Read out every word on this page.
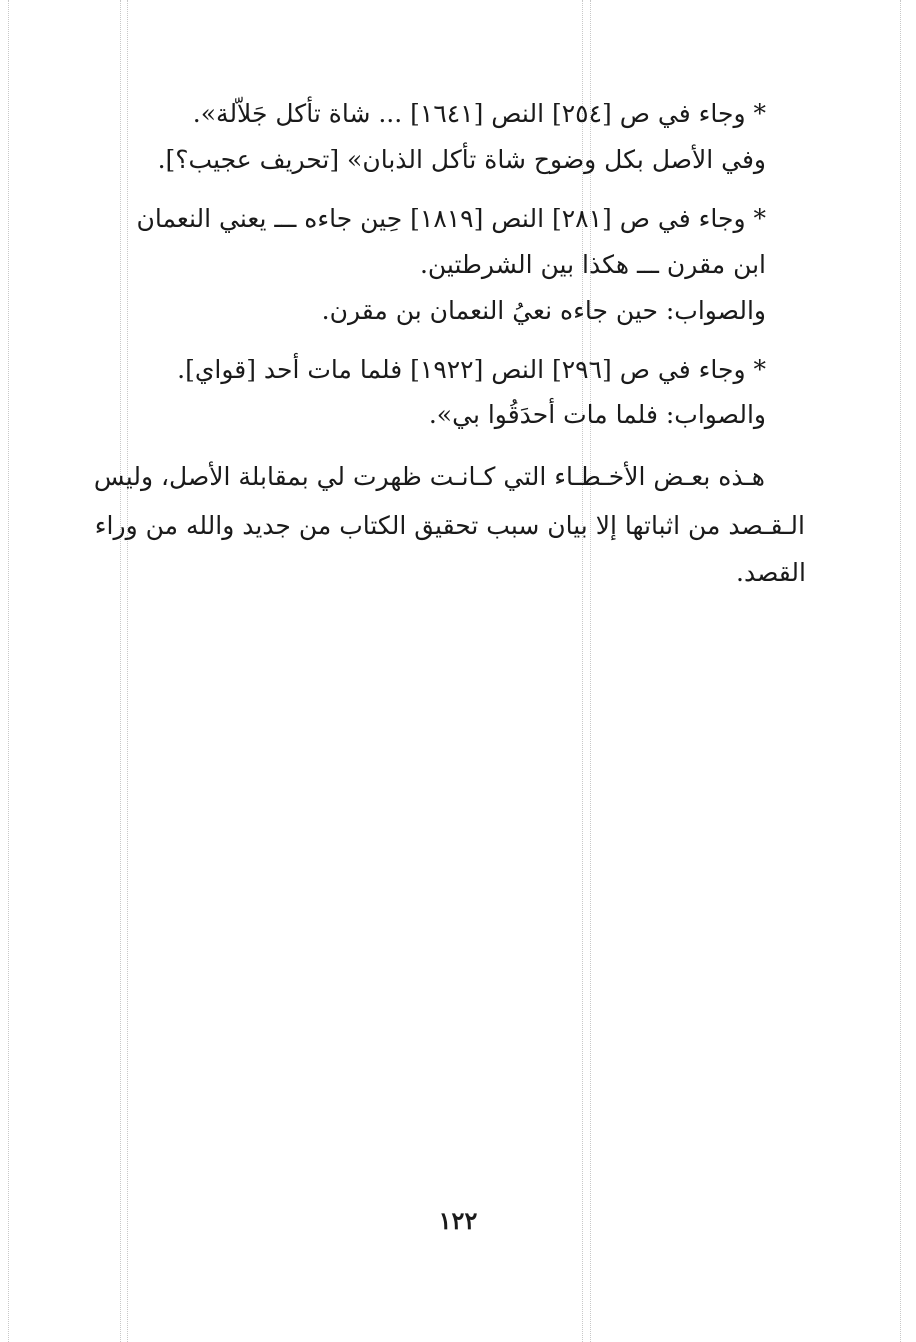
* وجاء في ص [٢٥٤] النص [١٦٤١] ... شاة تأكل جَلاّلة».
وفي الأصل بكل وضوح شاة تأكل الذبان» [تحريف عجيب؟].
* وجاء في ص [٢٨١] النص [١٨١٩] حِين جاءه ـــ يعني النعمان
ابن مقرن ـــ هكذا بين الشرطتين.
والصواب: حين جاءه نعيُ النعمان بن مقرن.
* وجاء في ص [٢٩٦] النص [١٩٢٢] فلما مات أحد [قواي].
والصواب: فلما مات أحدَقُوا بي».
هـذه بعـض الأخـطـاء التي كـانـت ظهرت لي بمقابلة الأصل، وليس
الـقـصد من اثباتها إلا بيان سبب تحقيق الكتاب من جديد والله من وراء
القصد.
١٢٢
